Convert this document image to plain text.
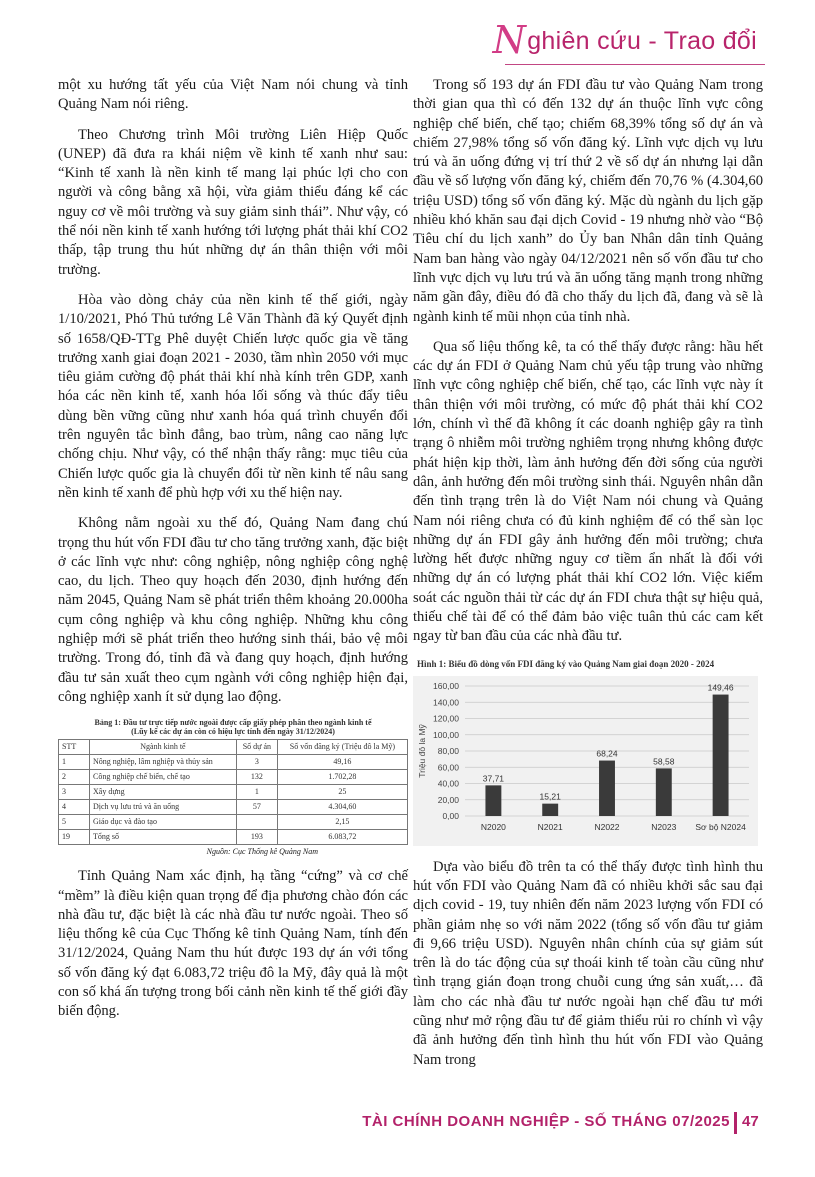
Nghiên cứu - Trao đổi

một xu hướng tất yếu của Việt Nam nói chung và tỉnh Quảng Nam nói riêng.

Theo Chương trình Môi trường Liên Hiệp Quốc (UNEP) đã đưa ra khái niệm về kinh tế xanh như sau: “Kinh tế xanh là nền kinh tế mang lại phúc lợi cho con người và công bằng xã hội, vừa giảm thiểu đáng kể các nguy cơ về môi trường và suy giảm sinh thái”. Như vậy, có thể nói nền kinh tế xanh hướng tới lượng phát thải khí CO2 thấp, tập trung thu hút những dự án thân thiện với môi trường.

Hòa vào dòng chảy của nền kinh tế thế giới, ngày 1/10/2021, Phó Thủ tướng Lê Văn Thành đã ký Quyết định số 1658/QĐ-TTg Phê duyệt Chiến lược quốc gia về tăng trưởng xanh giai đoạn 2021 - 2030, tầm nhìn 2050 với mục tiêu giảm cường độ phát thải khí nhà kính trên GDP, xanh hóa các nền kinh tế, xanh hóa lối sống và thúc đẩy tiêu dùng bền vững cũng như xanh hóa quá trình chuyển đổi trên nguyên tắc bình đẳng, bao trùm, nâng cao năng lực chống chịu. Như vậy, có thể nhận thấy rằng: mục tiêu của Chiến lược quốc gia là chuyển đổi từ nền kinh tế nâu sang nền kinh tế xanh để phù hợp với xu thế hiện nay.

Không nằm ngoài xu thế đó, Quảng Nam đang chú trọng thu hút vốn FDI đầu tư cho tăng trưởng xanh, đặc biệt ở các lĩnh vực như: công nghiệp, nông nghiệp công nghệ cao, du lịch. Theo quy hoạch đến 2030, định hướng đến năm 2045, Quảng Nam sẽ phát triển thêm khoảng 20.000ha cụm công nghiệp và khu công nghiệp. Những khu công nghiệp mới sẽ phát triển theo hướng sinh thái, bảo vệ môi trường. Trong đó, tỉnh đã và đang quy hoạch, định hướng đầu tư sản xuất theo cụm ngành với công nghiệp hiện đại, công nghiệp xanh ít sử dụng lao động.

Bảng 1: Đầu tư trực tiếp nước ngoài được cấp giấy phép phân theo ngành kinh tế
(Lũy kế các dự án còn có hiệu lực tính đến ngày 31/12/2024)
STT	Ngành kinh tế	Số dự án	Số vốn đăng ký (Triệu đô la Mỹ)
1	Nông nghiệp, lâm nghiệp và thủy sản	3	49,16
2	Công nghiệp chế biến, chế tạo	132	1.702,28
3	Xây dựng	1	25
4	Dịch vụ lưu trú và ăn uống	57	4.304,60
5	Giáo dục và đào tạo		2,15
19	Tổng số	193	6.083,72
Nguồn: Cục Thống kê Quảng Nam

Tỉnh Quảng Nam xác định, hạ tầng “cứng” và cơ chế “mềm” là điều kiện quan trọng để địa phương chào đón các nhà đầu tư, đặc biệt là các nhà đầu tư nước ngoài. Theo số liệu thống kê của Cục Thống kê tỉnh Quảng Nam, tính đến 31/12/2024, Quảng Nam thu hút được 193 dự án với tổng số vốn đăng ký đạt 6.083,72 triệu đô la Mỹ, đây quả là một con số khá ấn tượng trong bối cảnh nền kinh tế thế giới đầy biến động.

Trong số 193 dự án FDI đầu tư vào Quảng Nam trong thời gian qua thì có đến 132 dự án thuộc lĩnh vực công nghiệp chế biến, chế tạo; chiếm 68,39% tổng số dự án và chiếm 27,98% tổng số vốn đăng ký. Lĩnh vực dịch vụ lưu trú và ăn uống đứng vị trí thứ 2 về số dự án nhưng lại dẫn đầu về số lượng vốn đăng ký, chiếm đến 70,76 % (4.304,60 triệu USD) tổng số vốn đăng ký. Mặc dù ngành du lịch gặp nhiều khó khăn sau đại dịch Covid - 19 nhưng nhờ vào “Bộ Tiêu chí du lịch xanh” do Ủy ban Nhân dân tỉnh Quảng Nam ban hàng vào ngày 04/12/2021 nên số vốn đầu tư cho lĩnh vực dịch vụ lưu trú và ăn uống tăng mạnh trong những năm gần đây, điều đó đã cho thấy du lịch đã, đang và sẽ là ngành kinh tế mũi nhọn của tỉnh nhà.

Qua số liệu thống kê, ta có thể thấy được rằng: hầu hết các dự án FDI ở Quảng Nam chủ yếu tập trung vào những lĩnh vực công nghiệp chế biến, chế tạo, các lĩnh vực này ít thân thiện với môi trường, có mức độ phát thải khí CO2 lớn, chính vì thế đã không ít các doanh nghiệp gây ra tình trạng ô nhiễm môi trường nghiêm trọng nhưng không được phát hiện kịp thời, làm ảnh hưởng đến đời sống của người dân, ảnh hưởng đến môi trường sinh thái. Nguyên nhân dẫn đến tình trạng trên là do Việt Nam nói chung và Quảng Nam nói riêng chưa có đủ kinh nghiệm để có thể sàn lọc những dự án FDI gây ảnh hưởng đến môi trường; chưa lường hết được những nguy cơ tiềm ẩn nhất là đối với những dự án có lượng phát thải khí CO2 lớn. Việc kiểm soát các nguồn thải từ các dự án FDI chưa thật sự hiệu quả, thiếu chế tài để có thể đảm bảo việc tuân thủ các cam kết ngay từ ban đầu của các nhà đầu tư.

Hình 1: Biểu đồ dòng vốn FDI đăng ký vào Quảng Nam giai đoạn 2020 - 2024
0,00
20,00
40,00
60,00
80,00
100,00
120,00
140,00
160,00
Triệu đô la Mỹ
37,71
N2020
15,21
N2021
68,24
N2022
58,58
N2023
149,46
Sơ bộ N2024

Dựa vào biểu đồ trên ta có thể thấy được tình hình thu hút vốn FDI vào Quảng Nam đã có nhiều khởi sắc sau đại dịch covid - 19, tuy nhiên đến năm 2023 lượng vốn FDI có phần giảm nhẹ so với năm 2022 (tổng số vốn đầu tư giảm đi 9,66 triệu USD). Nguyên nhân chính của sự giảm sút trên là do tác động của sự thoái kinh tế toàn cầu cũng như tình trạng gián đoạn trong chuỗi cung ứng sản xuất,… đã làm cho các nhà đầu tư nước ngoài hạn chế đầu tư mới cũng như mở rộng đầu tư để giảm thiểu rủi ro chính vì vậy đã ảnh hưởng đến tình hình thu hút vốn FDI vào Quảng Nam trong

TÀI CHÍNH DOANH NGHIỆP - SỐ THÁNG 07/2025 47
